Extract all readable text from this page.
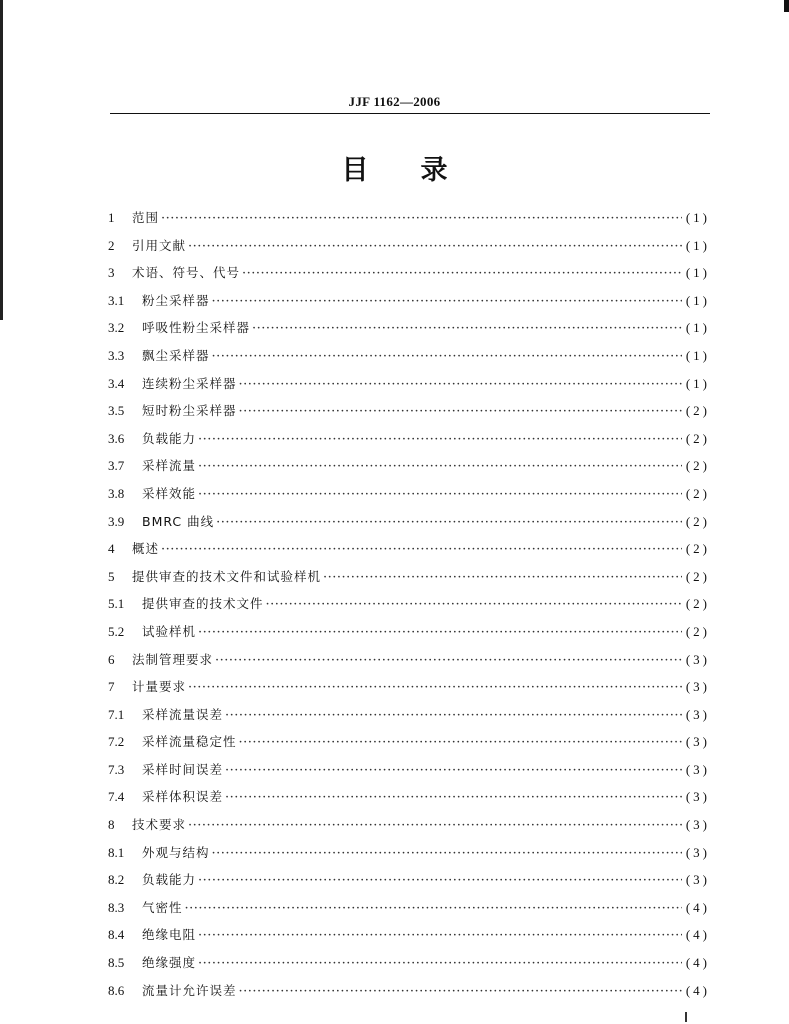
JJF 1162—2006
目录
1	范围 ·····	(1)
2	引用文献 ·····	(1)
3	术语、符号、代号 ·····	(1)
3.1	粉尘采样器 ·····	(1)
3.2	呼吸性粉尘采样器 ·····	(1)
3.3	飘尘采样器 ·····	(1)
3.4	连续粉尘采样器 ·····	(1)
3.5	短时粉尘采样器 ·····	(2)
3.6	负载能力 ·····	(2)
3.7	采样流量 ·····	(2)
3.8	采样效能 ·····	(2)
3.9	BMRC 曲线 ·····	(2)
4	概述 ·····	(2)
5	提供审查的技术文件和试验样机 ·····	(2)
5.1	提供审查的技术文件 ·····	(2)
5.2	试验样机 ·····	(2)
6	法制管理要求 ·····	(3)
7	计量要求 ·····	(3)
7.1	采样流量误差 ·····	(3)
7.2	采样流量稳定性 ·····	(3)
7.3	采样时间误差 ·····	(3)
7.4	采样体积误差 ·····	(3)
8	技术要求 ·····	(3)
8.1	外观与结构 ·····	(3)
8.2	负载能力 ·····	(3)
8.3	气密性 ·····	(4)
8.4	绝缘电阻 ·····	(4)
8.5	绝缘强度 ·····	(4)
8.6	流量计允许误差 ·····	(4)
